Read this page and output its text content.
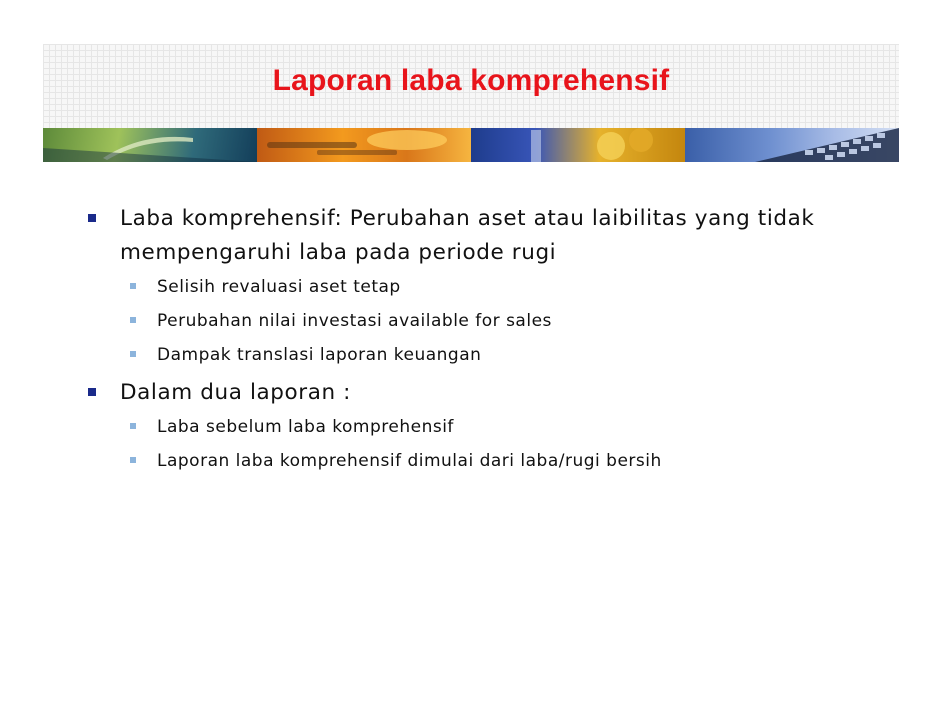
Laporan laba komprehensif
Laba komprehensif: Perubahan aset atau laibilitas yang tidak mempengaruhi laba pada periode rugi
Selisih revaluasi aset tetap
Perubahan nilai investasi available for sales
Dampak translasi laporan keuangan
Dalam dua laporan :
Laba sebelum laba komprehensif
Laporan laba komprehensif dimulai dari laba/rugi bersih
